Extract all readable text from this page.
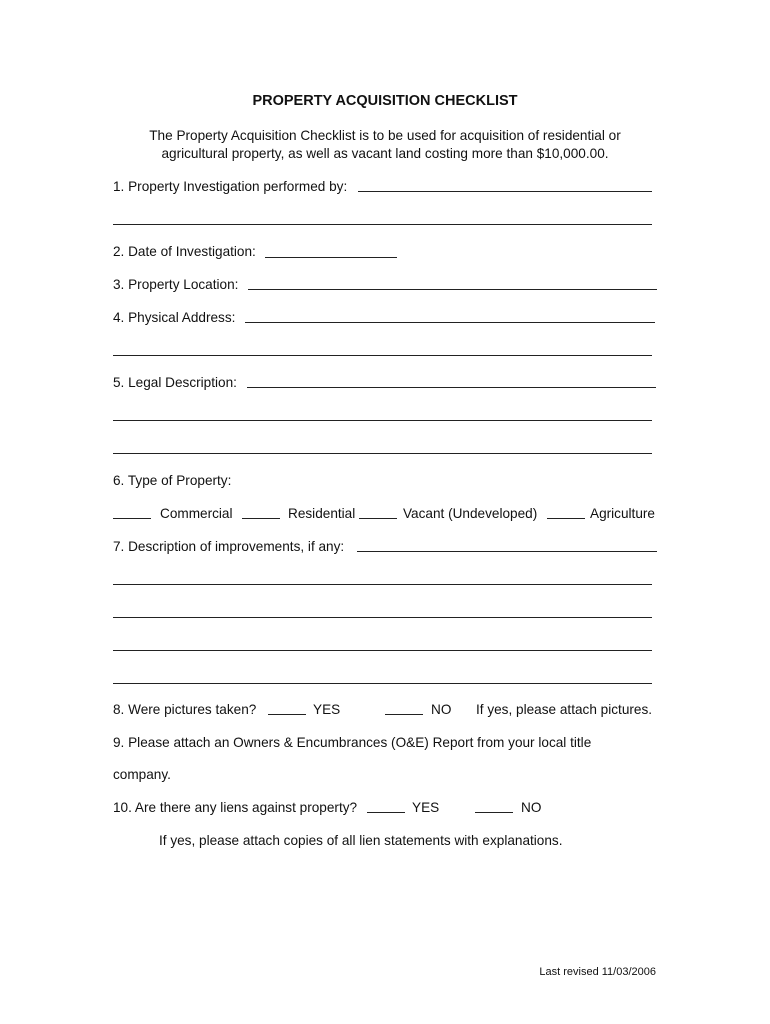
PROPERTY ACQUISITION CHECKLIST
The Property Acquisition Checklist is to be used for acquisition of residential or
agricultural property, as well as vacant land costing more than $10,000.00.
1. Property Investigation performed by:
2. Date of Investigation:
3. Property Location:
4. Physical Address:
5. Legal Description:
6. Type of Property:
Commercial	Residential	Vacant (Undeveloped)	Agriculture
7. Description of improvements, if any:
8. Were pictures taken?	YES	NO If yes, please attach pictures.
9. Please attach an Owners & Encumbrances (O&E) Report from your local title
company.
10. Are there any liens against property?	YES	NO
If yes, please attach copies of all lien statements with explanations.
Last revised 11/03/2006
